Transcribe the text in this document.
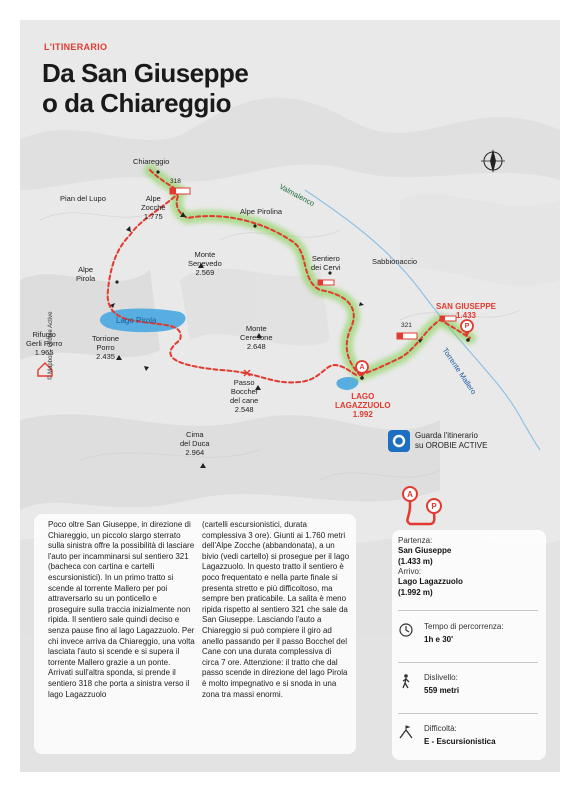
L'ITINERARIO
Da San Giuseppe
o da Chiareggio
Chiareggio
Pian del Lupo	Alpe
Zocche
1.775
Alpe Pirolina
Sentiero
dei Cervi
Sabbionaccio
Alpe
Pirola
Monte
Senevedo
2.569
Rifugio
Gerli Porro
1.965
Torrione
Porro
2.435
Monte
Ceresone
2.648
Passo
Bocchel
del cane
2.548
Cima
del Duca
2.964
318
321
Lago Pirola
Valmalenco
Torrente Mallero
SAN GIUSEPPE
1.433
LAGO
LAGAZZUOLO
1.992
A
P
© Mapbox - Orobie Active
Guarda l'itinerario
su OROBIE ACTIVE
Poco oltre San Giuseppe, in direzione di Chiareggio, un piccolo slargo sterrato sulla sinistra offre la possibilità di lasciare l'auto per incamminarsi sul sentiero 321 (bacheca con cartina e cartelli escursionistici). In un primo tratto si scende al torrente Mallero per poi attraversarlo su un ponticello e proseguire sulla traccia inizialmente non ripida. Il sentiero sale quindi deciso e senza pause fino al lago Lagazzuolo. Per chi invece arriva da Chiareggio, una volta lasciata l'auto si scende e si supera il torrente Mallero grazie a un ponte. Arrivati sull'altra sponda, si prende il sentiero 318 che porta a sinistra verso il lago Lagazzuolo
(cartelli escursionistici, durata complessiva 3 ore). Giunti ai 1.760 metri dell'Alpe Zocche (abbandonata), a un bivio (vedi cartello) si prosegue per il lago Lagazzuolo. In questo tratto il sentiero è poco frequentato e nella parte finale si presenta stretto e più difficoltoso, ma sempre ben praticabile. La salita è meno ripida rispetto al sentiero 321 che sale da San Giuseppe. Lasciando l'auto a Chiareggio si può compiere il giro ad anello passando per il passo Bocchel del Cane con una durata complessiva di circa 7 ore. Attenzione: il tratto che dal passo scende in direzione del lago Pirola è molto impegnativo e si snoda in una zona tra massi enormi.
A
P
Partenza:
San Giuseppe
(1.433 m)
Arrivo:
Lago Lagazzuolo
(1.992 m)
Tempo di percorrenza:
1h e 30'
Dislivello:
559 metri
Difficoltà:
E - Escursionistica
